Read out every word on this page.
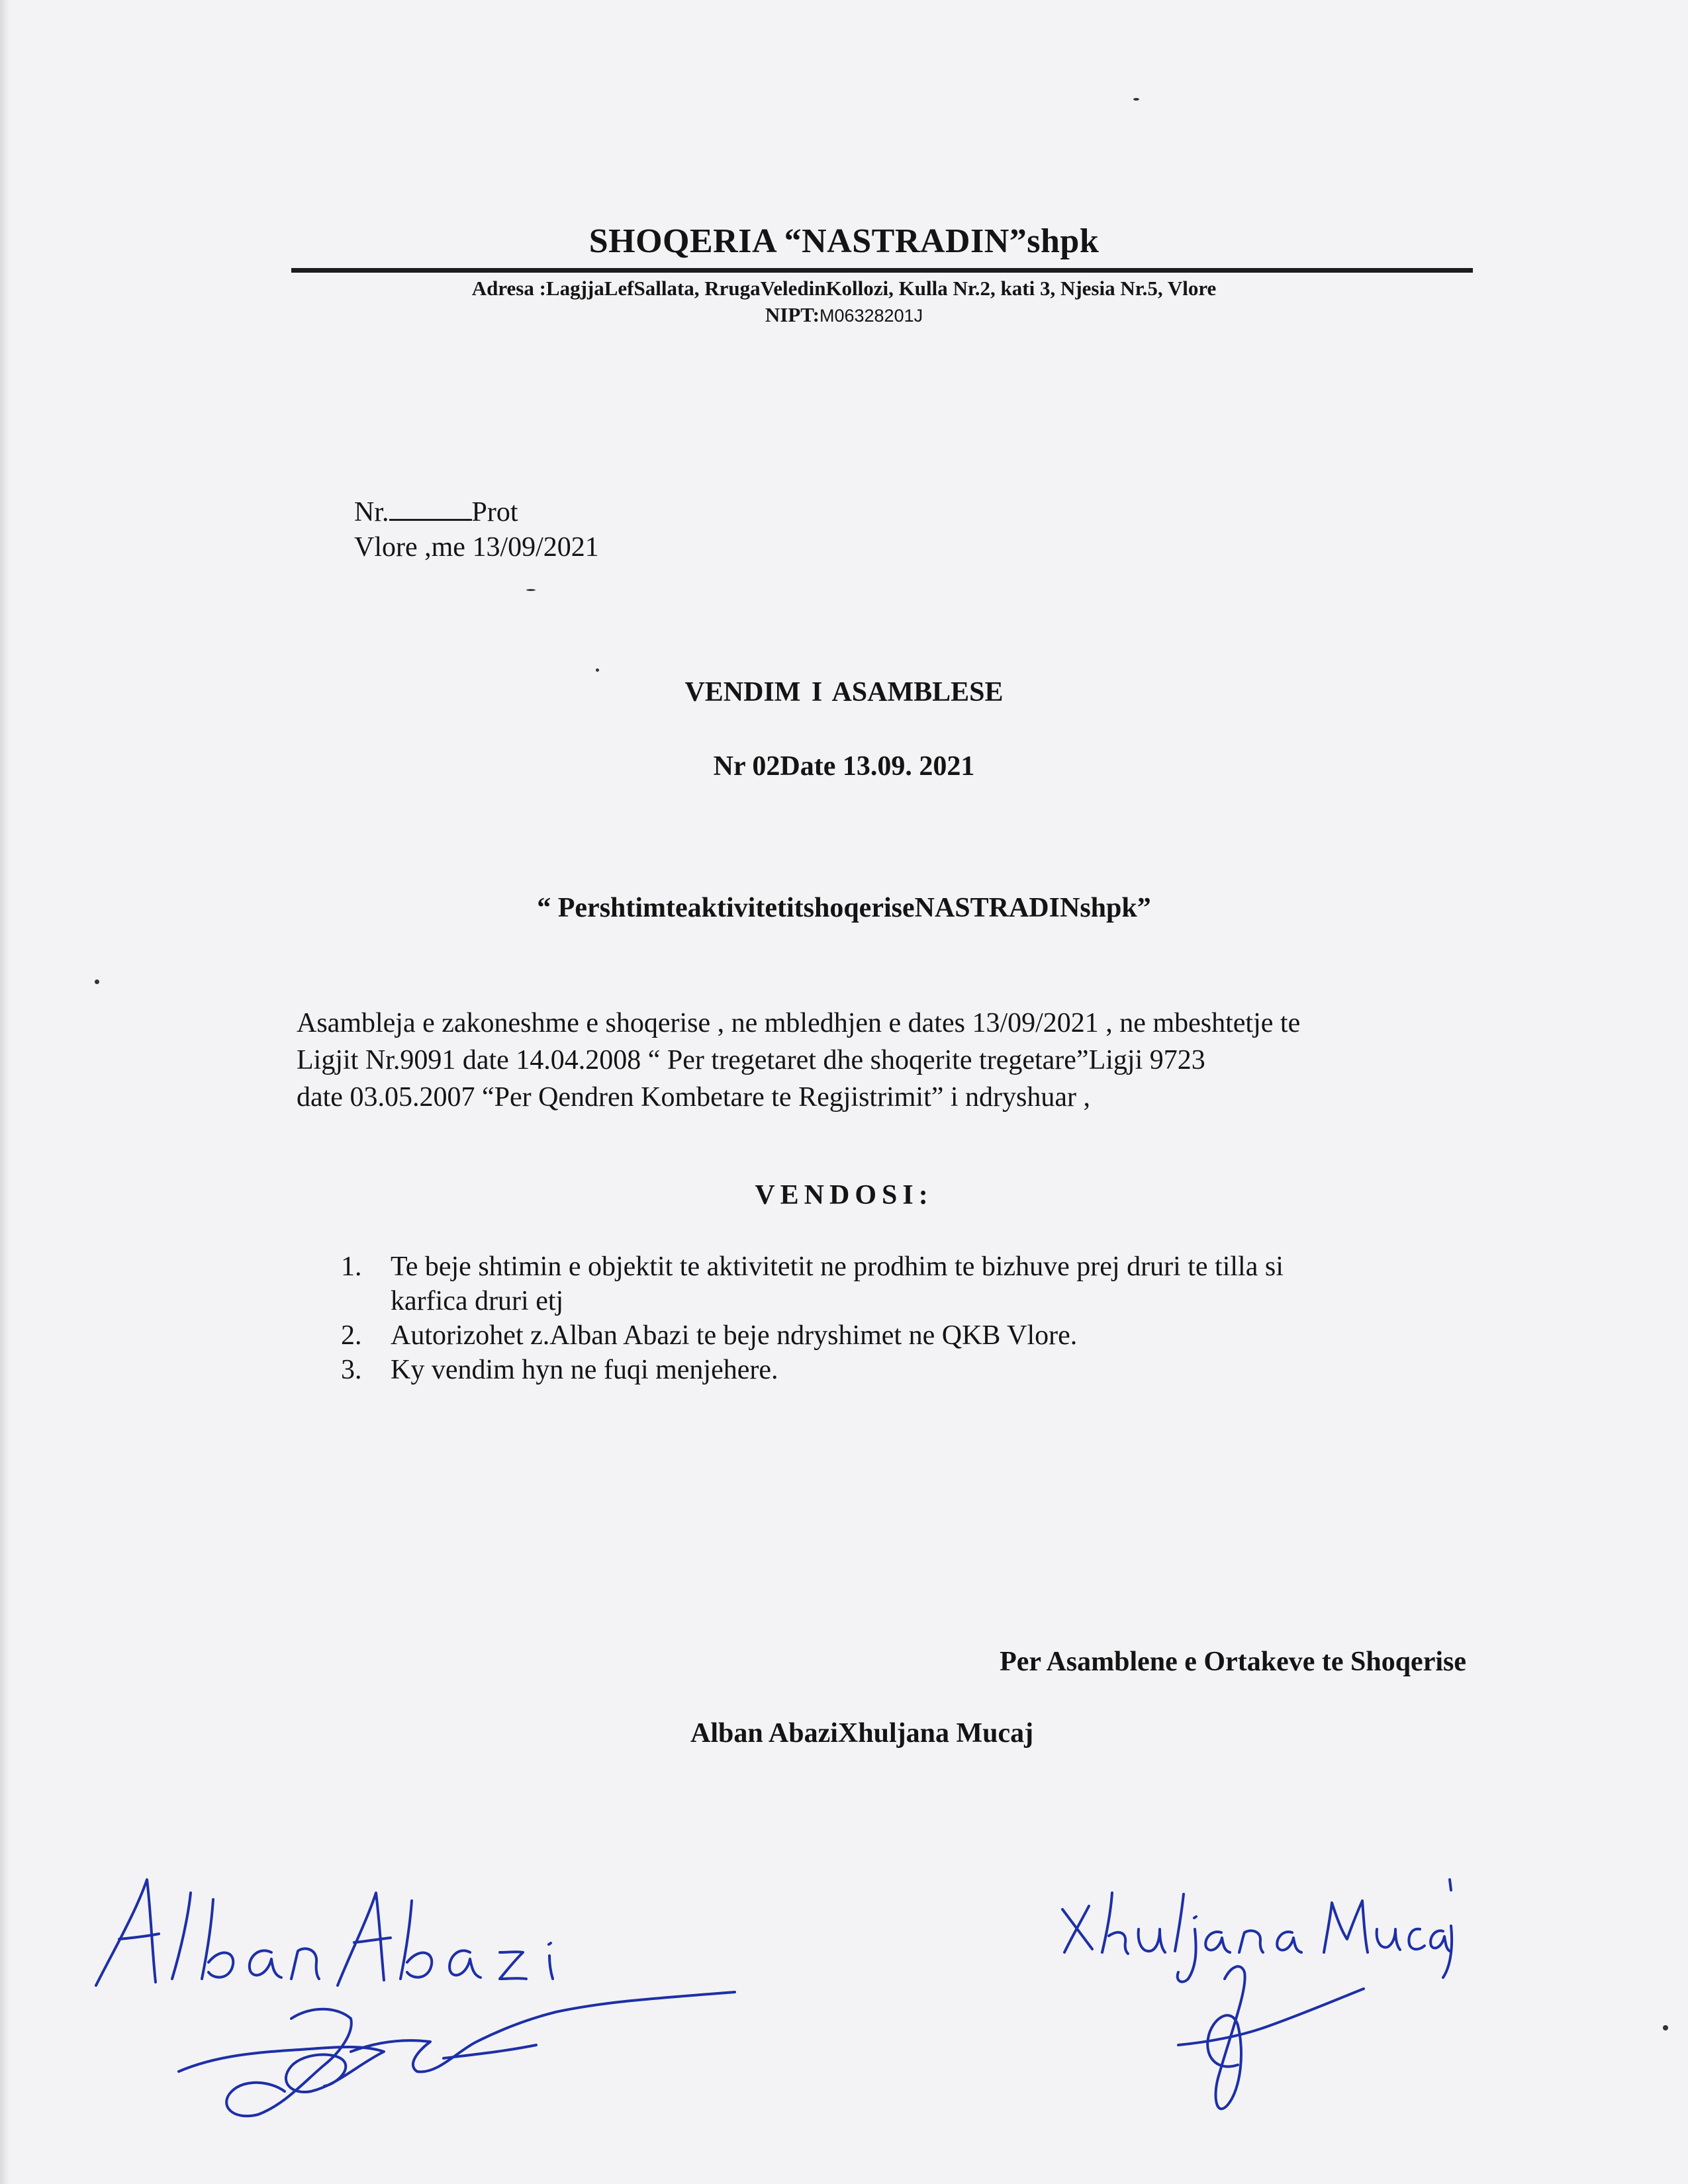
SHOQERIA “NASTRADIN”shpk
Adresa :LagjjaLefSallata, RrugaVeledinKollozi, Kulla Nr.2, kati 3, Njesia Nr.5, Vlore
NIPT:M06328201J
Nr.	Prot
Vlore ,me 13/09/2021
VENDIM I ASAMBLESE
Nr 02Date 13.09. 2021
“ PershtimteaktivitetitshoqeriseNASTRADINshpk”
Asambleja e zakoneshme e shoqerise , ne mbledhjen e dates 13/09/2021 , ne mbeshtetje te
Ligjit Nr.9091 date 14.04.2008 “ Per tregetaret dhe shoqerite tregetare”Ligji 9723
date 03.05.2007 “Per Qendren Kombetare te Regjistrimit” i ndryshuar ,
VENDOSI:
1. Te beje shtimin e objektit te aktivitetit ne prodhim te bizhuve prej druri te tilla si
karfica druri etj
2. Autorizohet z.Alban Abazi te beje ndryshimet ne QKB Vlore.
3. Ky vendim hyn ne fuqi menjehere.
Per Asamblene e Ortakeve te Shoqerise
Alban AbaziXhuljana Mucaj
